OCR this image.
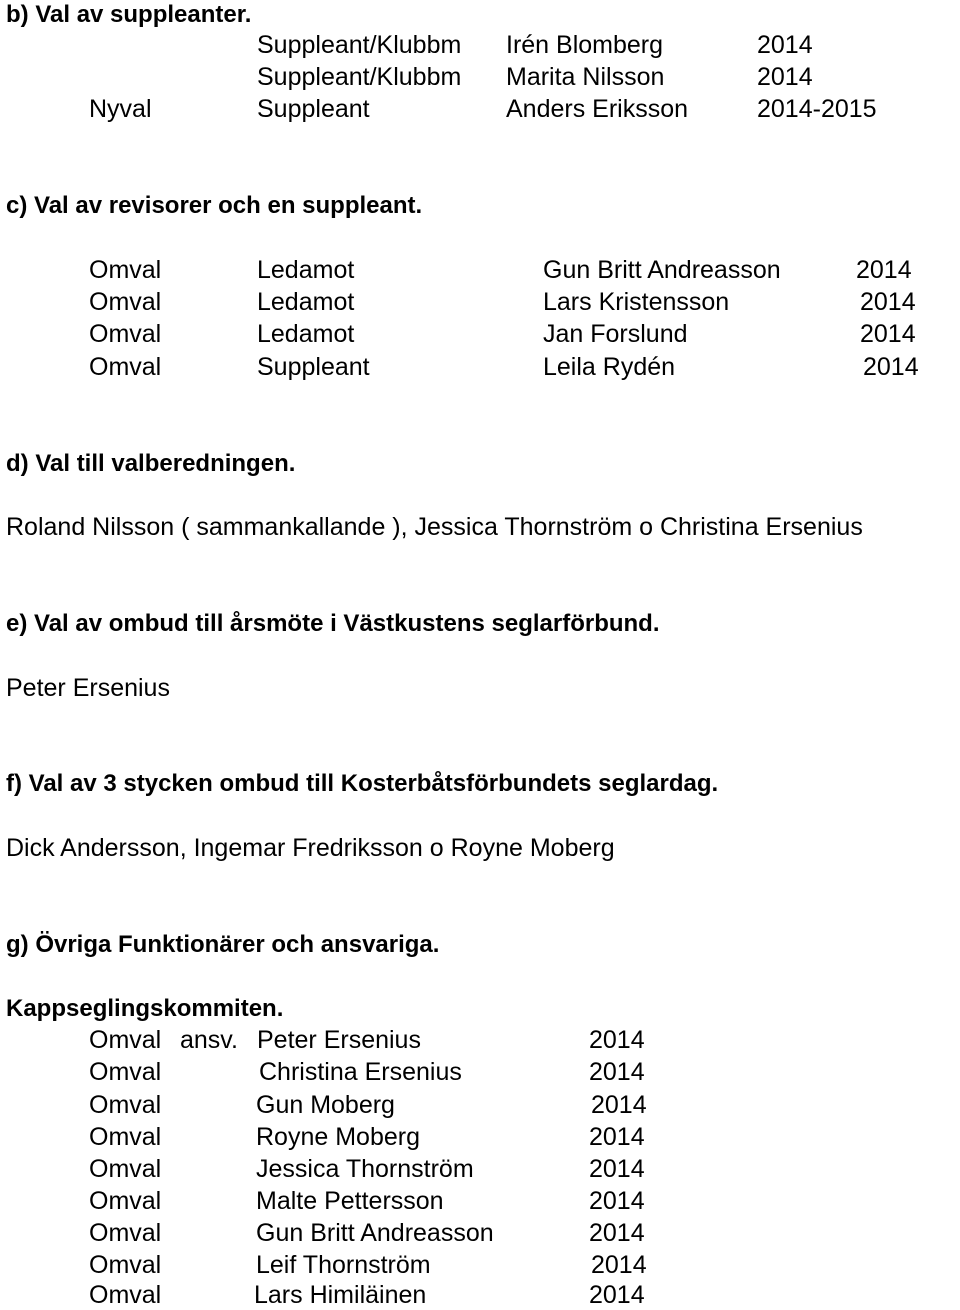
b) Val av suppleanter.

Suppleant/Klubbm Irén Blomberg	2014

Suppleant/Klubbm Marita Nilsson	2014

Nyval	Suppleant	Anders Eriksson	2014-2015

c) Val av revisorer och en suppleant.

Omval	Ledamot	Gun Britt Andreasson	2014

Omval	Ledamot	Lars Kristensson	2014

Omval	Ledamot	Jan Forslund	2014

Omval	Suppleant	Leila Rydén	2014

d) Val till valberedningen.

Roland Nilsson ( sammankallande ), Jessica Thornström o Christina Ersenius

e) Val av ombud till årsmöte i Västkustens seglarförbund.

Peter Ersenius

f) Val av 3 stycken ombud till Kosterbåtsförbundets seglardag.

Dick Andersson, Ingemar Fredriksson o Royne Moberg

g) Övriga Funktionärer och ansvariga.

Kappseglingskommiten.

Omval ansv. Peter Ersenius	2014

Omval	Christina Ersenius	2014

Omval	Gun Moberg	2014

Omval	Royne Moberg	2014

Omval	Jessica Thornström	2014

Omval	Malte Pettersson	2014

Omval	Gun Britt Andreasson	2014

Omval	Leif Thornström	2014

Omval	Lars Himiläinen	2014
